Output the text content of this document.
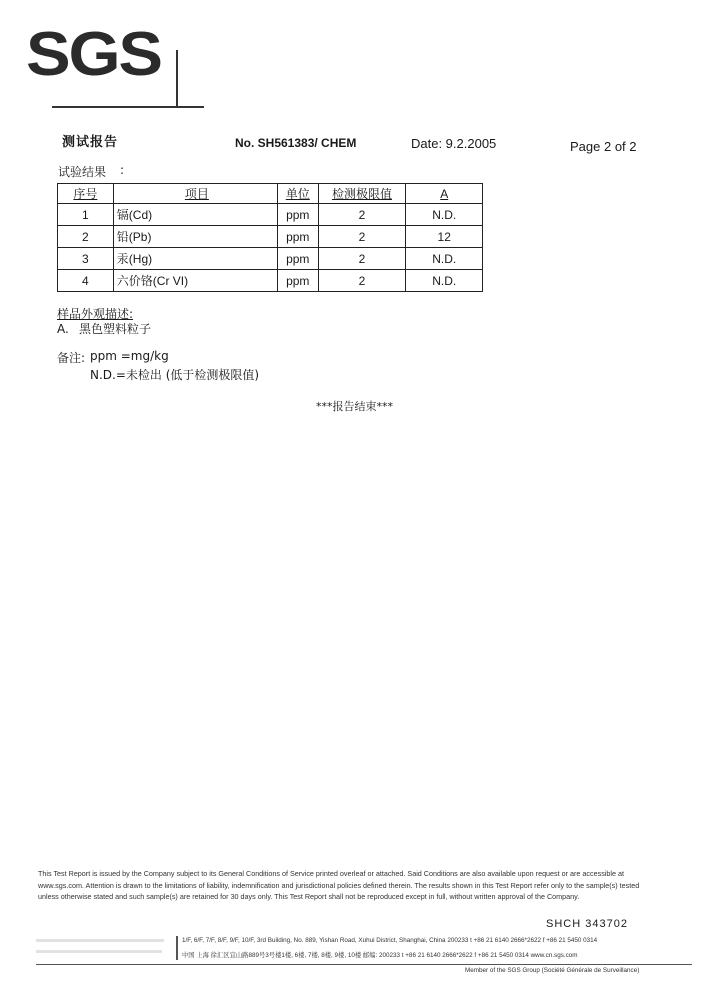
SGS
测试报告	No. SH561383/ CHEM	Date: 9.2.2005	Page 2 of 2
试验结果 :
序号	项目	单位	检测极限值	A
1	镉(Cd)	ppm	2	N.D.
2	铅(Pb)	ppm	2	12
3	汞(Hg)	ppm	2	N.D.
4	六价铬(Cr VI)	ppm	2	N.D.
样品外观描述:
A. 黑色塑料粒子
备注: ppm =mg/kg
N.D.=未检出 (低于检测极限值)
***报告结束***
This Test Report is issued by the Company subject to its General Conditions of Service printed overleaf or attached. Said Conditions are also available upon request or are accessible at www.sgs.com. Attention is drawn to the limitations of liability, indemnification and jurisdictional policies defined therein. The results shown in this Test Report refer only to the sample(s) tested unless otherwise stated and such sample(s) are retained for 30 days only. This Test Report shall not be reproduced except in full, without written approval of the Company.
SHCH 343702
1/F, 6/F, 7/F, 8/F, 9/F, 10/F, 3rd Building, No. 889, Yishan Road, Xuhui District, Shanghai, China 200233 t +86 21 6140 2666*2622 f +86 21 5450 0314
中国 上海 徐汇区宜山路889号3号楼1楼, 6楼, 7楼, 8楼, 9楼, 10楼 邮编: 200233 t +86 21 6140 2666*2622 f +86 21 5450 0314 www.cn.sgs.com
Member of the SGS Group (Société Générale de Surveillance)
